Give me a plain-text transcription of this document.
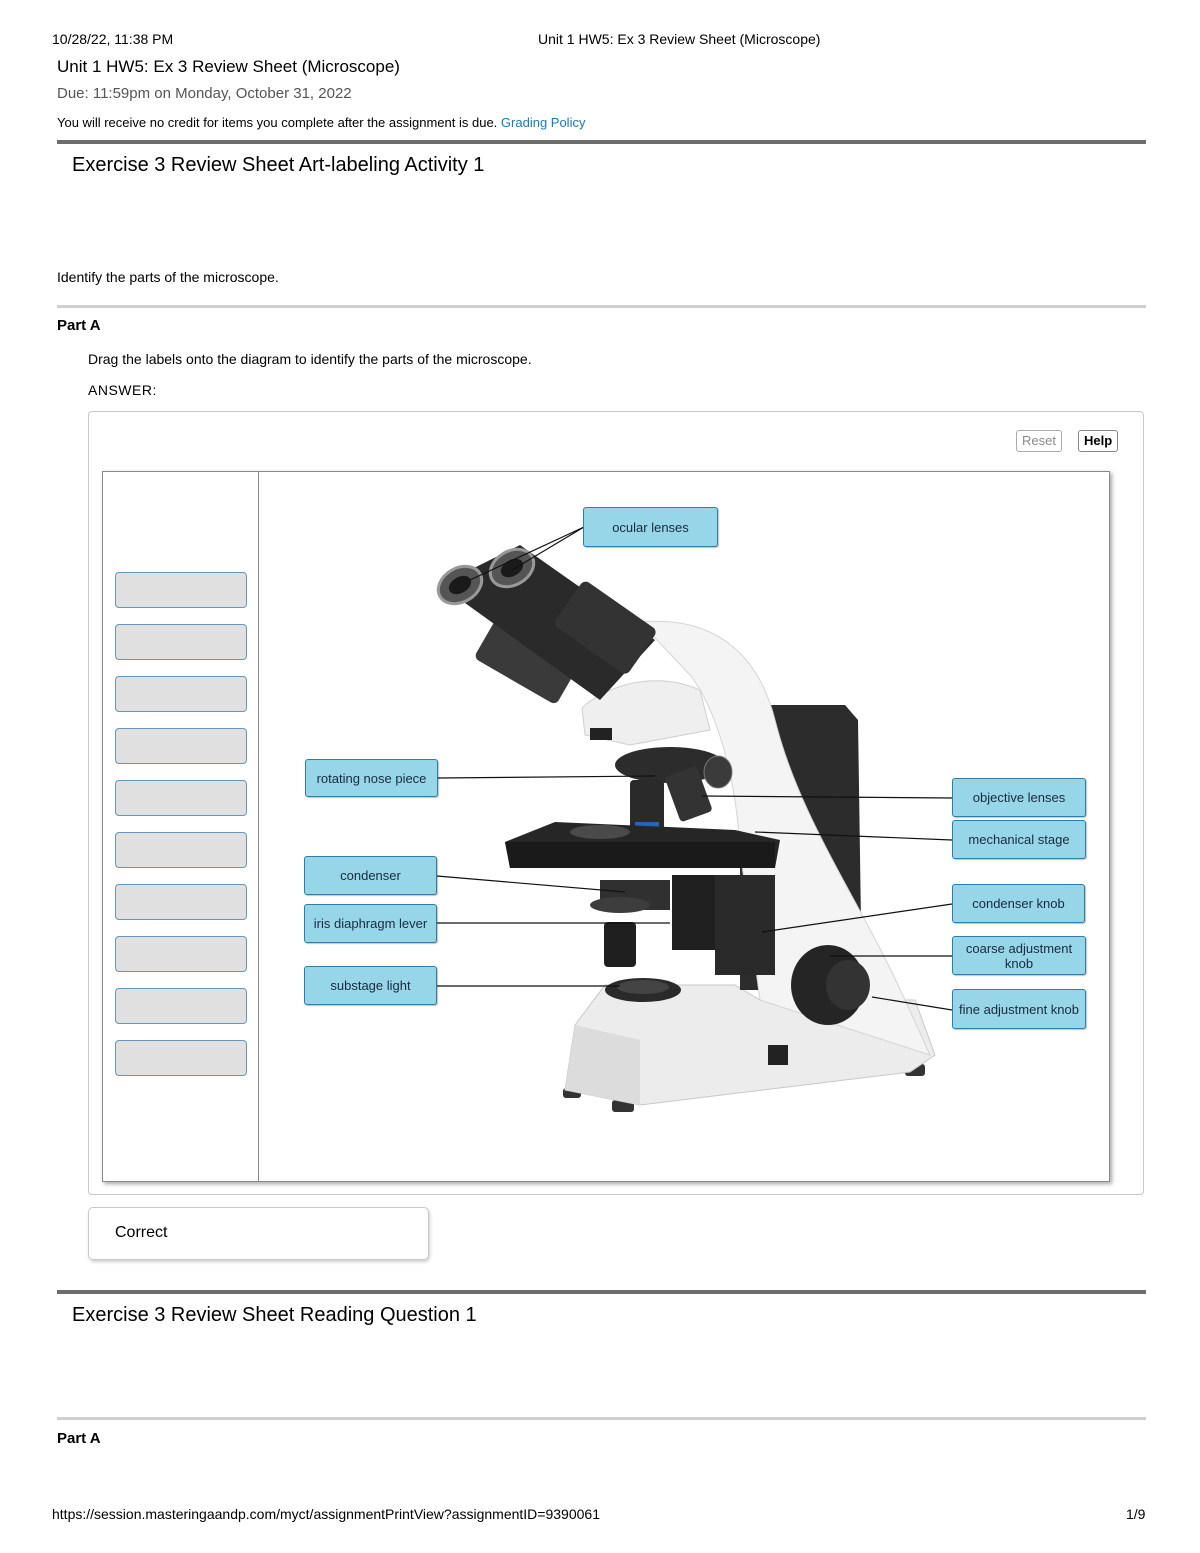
10/28/22, 11:38 PM	Unit 1 HW5: Ex 3 Review Sheet (Microscope)
Unit 1 HW5: Ex 3 Review Sheet (Microscope)
Due: 11:59pm on Monday, October 31, 2022
You will receive no credit for items you complete after the assignment is due. Grading Policy
Exercise 3 Review Sheet Art-labeling Activity 1
Identify the parts of the microscope.
Part A
Drag the labels onto the diagram to identify the parts of the microscope.
ANSWER:
Reset	Help
ocular lenses
rotating nose piece
objective lenses
mechanical stage
condenser
condenser knob
iris diaphragm lever
coarse adjustment knob
substage light
fine adjustment knob
Correct
Exercise 3 Review Sheet Reading Question 1
Part A
https://session.masteringaandp.com/myct/assignmentPrintView?assignmentID=9390061	1/9
